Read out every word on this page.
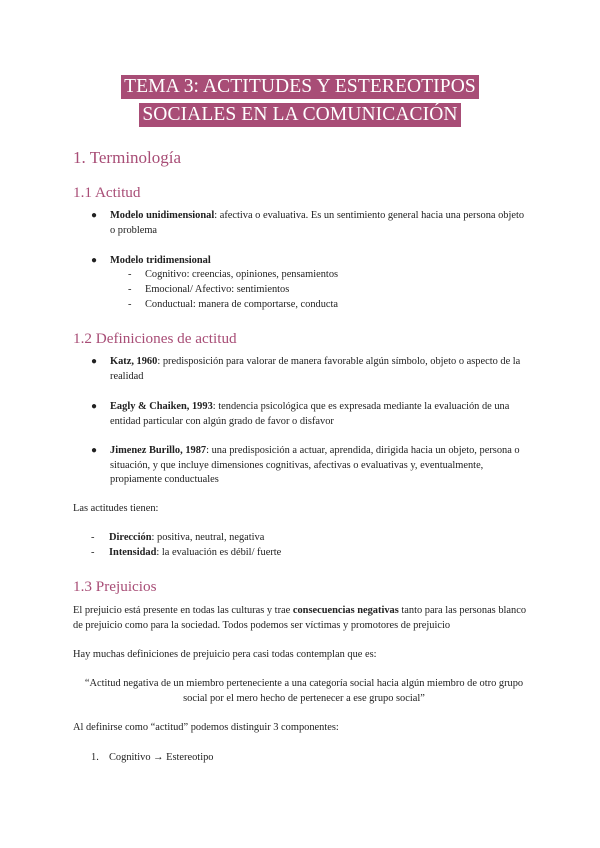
TEMA 3: ACTITUDES Y ESTEREOTIPOS
SOCIALES EN LA COMUNICACIÓN
1. Terminología
1.1 Actitud
● Modelo unidimensional: afectiva o evaluativa. Es un sentimiento general hacia una persona objeto o problema
● Modelo tridimensional
- Cognitivo: creencias, opiniones, pensamientos
- Emocional/ Afectivo: sentimientos
- Conductual: manera de comportarse, conducta
1.2 Definiciones de actitud
● Katz, 1960: predisposición para valorar de manera favorable algún símbolo, objeto o aspecto de la realidad
● Eagly & Chaiken, 1993: tendencia psicológica que es expresada mediante la evaluación de una entidad particular con algún grado de favor o disfavor
● Jimenez Burillo, 1987: una predisposición a actuar, aprendida, dirigida hacia un objeto, persona o situación, y que incluye dimensiones cognitivas, afectivas o evaluativas y, eventualmente, propiamente conductuales
Las actitudes tienen:
- Dirección: positiva, neutral, negativa
- Intensidad: la evaluación es débil/ fuerte
1.3 Prejuicios
El prejuicio está presente en todas las culturas y trae consecuencias negativas tanto para las personas blanco de prejuicio como para la sociedad. Todos podemos ser víctimas y promotores de prejuicio
Hay muchas definiciones de prejuicio pera casi todas contemplan que es:
“Actitud negativa de un miembro perteneciente a una categoría social hacia algún miembro de otro grupo social por el mero hecho de pertenecer a ese grupo social”
Al definirse como “actitud” podemos distinguir 3 componentes:
1. Cognitivo → Estereotipo
